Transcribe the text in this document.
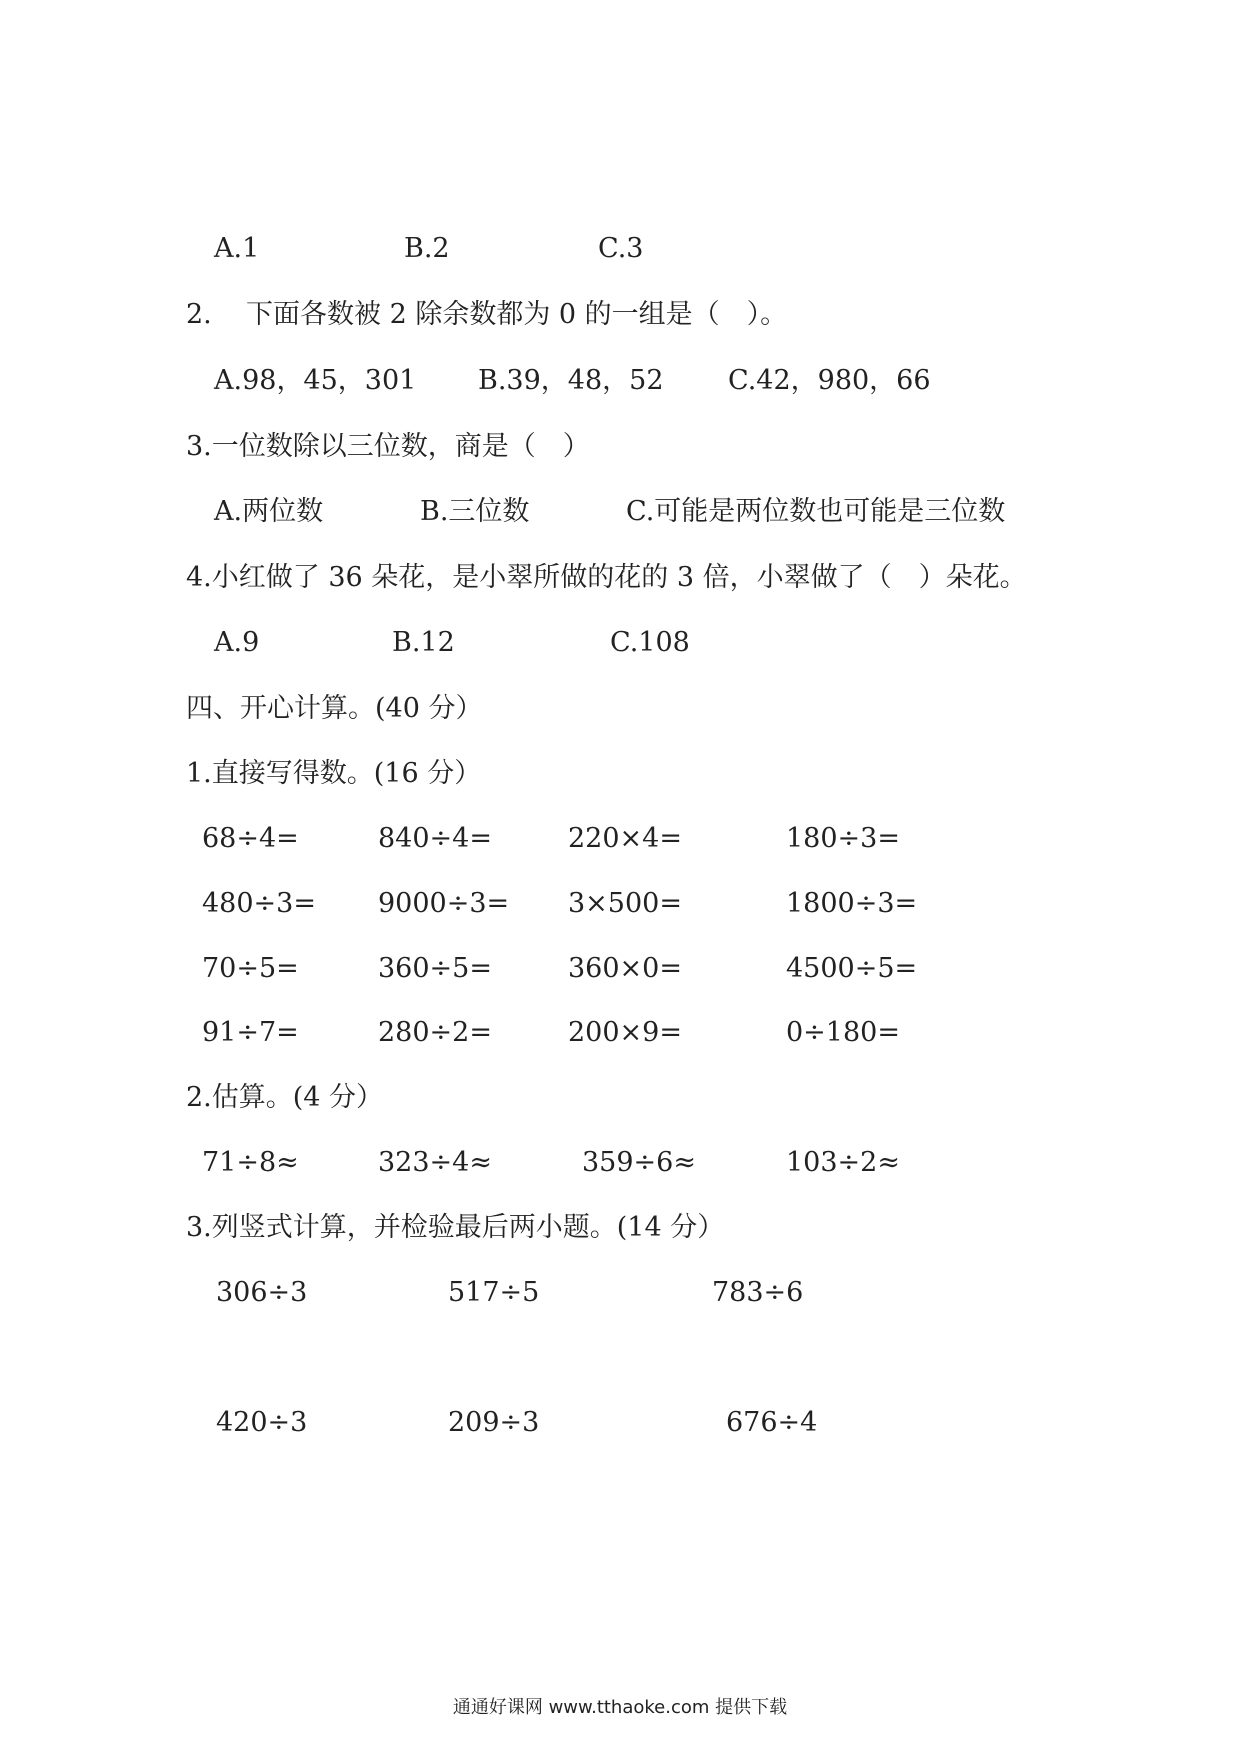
A.1	B.2	C.3
2. 下面各数被 2 除余数都为 0 的一组是（　）。
A.98，45，301 B.39，48，52 C.42，980，66
3.一位数除以三位数，商是（　）
A.两位数	B.三位数	C.可能是两位数也可能是三位数
4.小红做了 36 朵花，是小翠所做的花的 3 倍，小翠做了（　）朵花。
A.9	B.12	C.108
四、开心计算。(40 分）
1.直接写得数。(16 分）
68÷4=	840÷4=	220×4=	180÷3=
480÷3= 9000÷3= 3×500=	1800÷3=
70÷5=	360÷5=	360×0=	4500÷5=
91÷7=	280÷2=	200×9=	0÷180=
2.估算。(4 分）
71÷8≈	323÷4≈	359÷6≈	103÷2≈
3.列竖式计算，并检验最后两小题。(14 分）
306÷3	517÷5	783÷6
420÷3	209÷3	676÷4
通通好课网 www.tthaoke.com 提供下载
